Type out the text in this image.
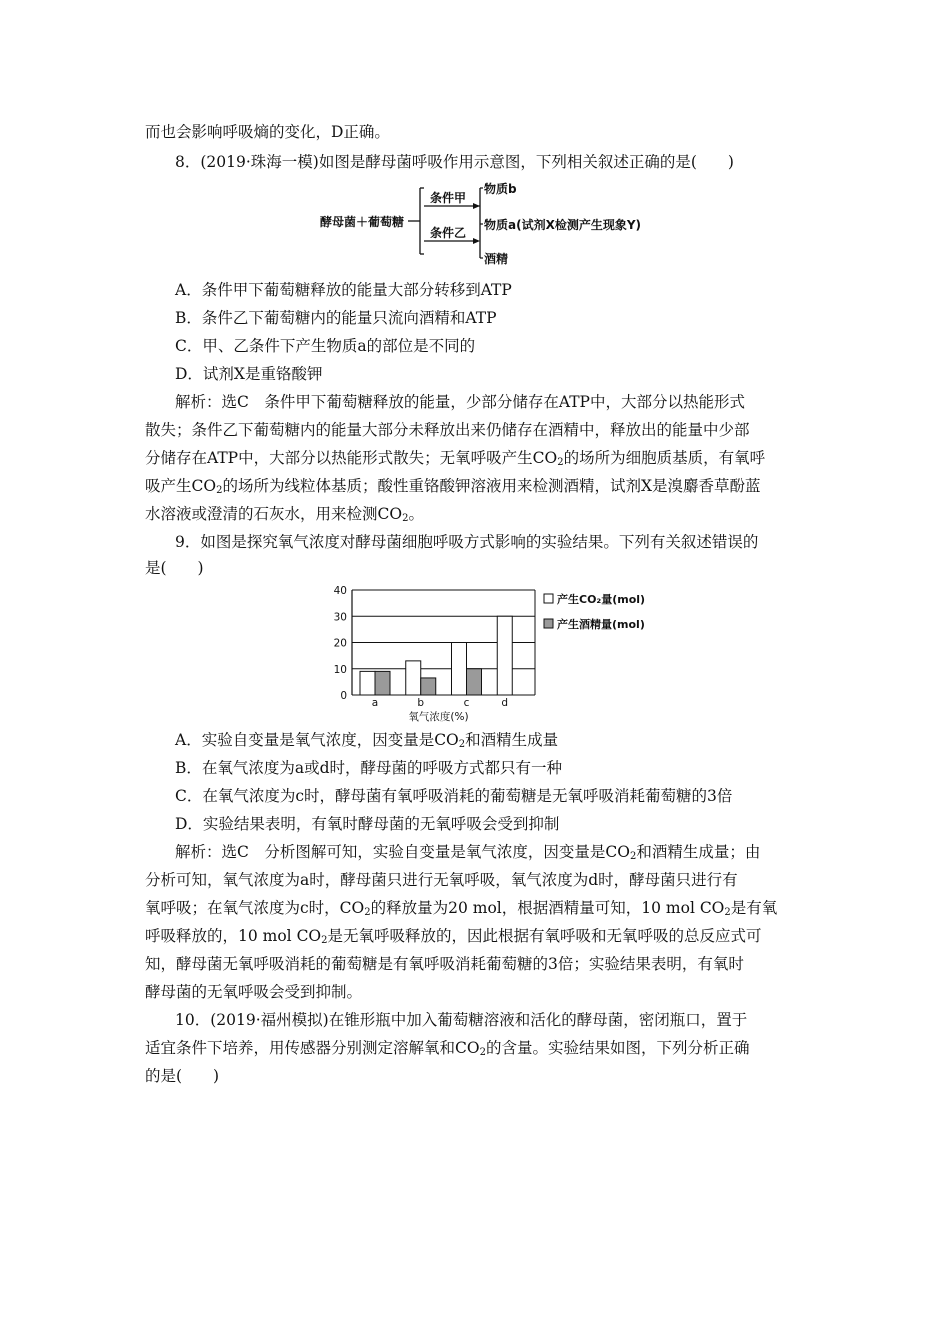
而也会影响呼吸熵的变化，D正确。
8．(2019·珠海一模)如图是酵母菌呼吸作用示意图，下列相关叙述正确的是(　　)
酵母菌＋葡萄糖
条件甲
条件乙
物质b
物质a(试剂X检测产生现象Y)
酒精
A．条件甲下葡萄糖释放的能量大部分转移到ATP
B．条件乙下葡萄糖内的能量只流向酒精和ATP
C．甲、乙条件下产生物质a的部位是不同的
D．试剂X是重铬酸钾
解析：选C　条件甲下葡萄糖释放的能量，少部分储存在ATP中，大部分以热能形式
散失；条件乙下葡萄糖内的能量大部分未释放出来仍储存在酒精中，释放出的能量中少部
分储存在ATP中，大部分以热能形式散失；无氧呼吸产生$CO_2$的场所为细胞质基质，有氧呼
吸产生$CO_2$的场所为线粒体基质；酸性重铬酸钾溶液用来检测酒精，试剂X是溴麝香草酚蓝
水溶液或澄清的石灰水，用来检测$CO_2$。
9．如图是探究氧气浓度对酵母菌细胞呼吸方式影响的实验结果。下列有关叙述错误的
是(　　)
0
10
20
30
40
a	b	c	d
氧气浓度(%)
产生CO₂量(mol)
产生酒精量(mol)
A．实验自变量是氧气浓度，因变量是$CO_2$和酒精生成量
B．在氧气浓度为a或d时，酵母菌的呼吸方式都只有一种
C．在氧气浓度为c时，酵母菌有氧呼吸消耗的葡萄糖是无氧呼吸消耗葡萄糖的3倍
D．实验结果表明，有氧时酵母菌的无氧呼吸会受到抑制
解析：选C　分析图解可知，实验自变量是氧气浓度，因变量是$CO_2$和酒精生成量；由
分析可知，氧气浓度为a时，酵母菌只进行无氧呼吸，氧气浓度为d时，酵母菌只进行有
氧呼吸；在氧气浓度为c时，$CO_2$的释放量为20 mol，根据酒精量可知，10 mol $CO_2$是有氧
呼吸释放的，10 mol $CO_2$是无氧呼吸释放的，因此根据有氧呼吸和无氧呼吸的总反应式可
知，酵母菌无氧呼吸消耗的葡萄糖是有氧呼吸消耗葡萄糖的3倍；实验结果表明，有氧时
酵母菌的无氧呼吸会受到抑制。
10．(2019·福州模拟)在锥形瓶中加入葡萄糖溶液和活化的酵母菌，密闭瓶口，置于
适宜条件下培养，用传感器分别测定溶解氧和$CO_2$的含量。实验结果如图，下列分析正确
的是(　　)
